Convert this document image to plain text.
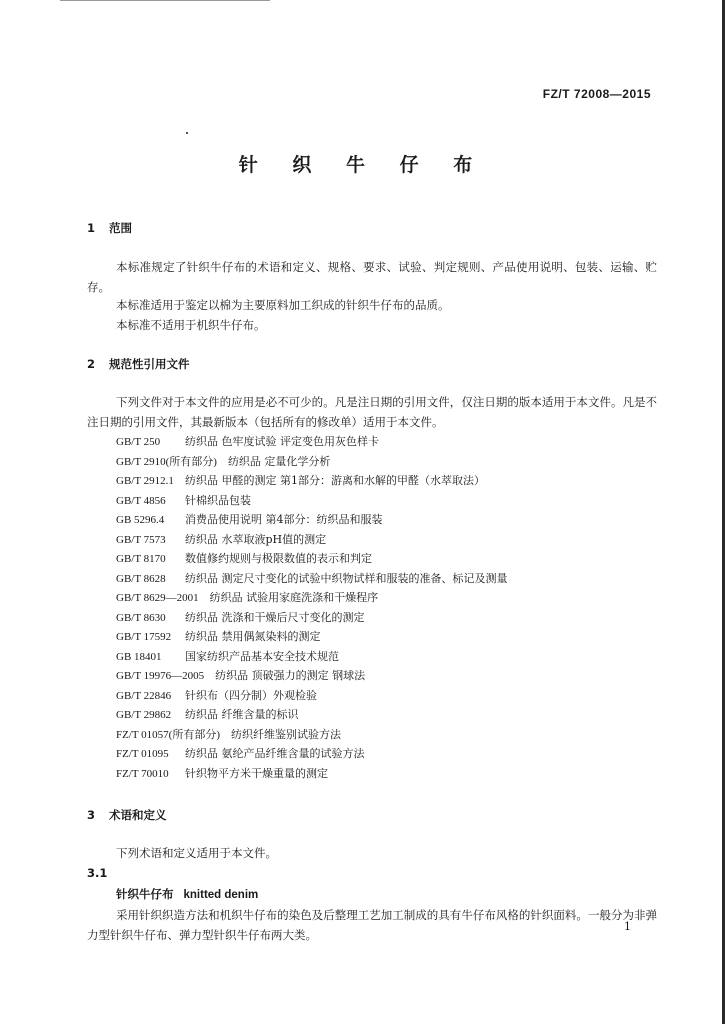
FZ/T 72008—2015
针 织 牛 仔 布
1 范围
本标准规定了针织牛仔布的术语和定义、规格、要求、试验、判定规则、产品使用说明、包装、运输、贮存。
本标准适用于鉴定以棉为主要原料加工织成的针织牛仔布的品质。
本标准不适用于机织牛仔布。
2 规范性引用文件
下列文件对于本文件的应用是必不可少的。凡是注日期的引用文件，仅注日期的版本适用于本文件。凡是不注日期的引用文件，其最新版本（包括所有的修改单）适用于本文件。
GB/T 250　 纺织品 色牢度试验 评定变色用灰色样卡
GB/T 2910(所有部分)　 纺织品 定量化学分析
GB/T 2912.1　 纺织品 甲醛的测定 第1部分：游离和水解的甲醛（水萃取法）
GB/T 4856　 针棉织品包装
GB 5296.4　 消费品使用说明 第4部分：纺织品和服装
GB/T 7573　 纺织品 水萃取液pH值的测定
GB/T 8170　 数值修约规则与极限数值的表示和判定
GB/T 8628　 纺织品 测定尺寸变化的试验中织物试样和服装的准备、标记及测量
GB/T 8629—2001　 纺织品 试验用家庭洗涤和干燥程序
GB/T 8630　 纺织品 洗涤和干燥后尺寸变化的测定
GB/T 17592　 纺织品 禁用偶氮染料的测定
GB 18401　 国家纺织产品基本安全技术规范
GB/T 19976—2005　 纺织品 顶破强力的测定 钢球法
GB/T 22846　 针织布（四分制）外观检验
GB/T 29862　 纺织品 纤维含量的标识
FZ/T 01057(所有部分)　 纺织纤维鉴别试验方法
FZ/T 01095　 纺织品 氨纶产品纤维含量的试验方法
FZ/T 70010　 针织物平方米干燥重量的测定
3 术语和定义
下列术语和定义适用于本文件。
3.1
针织牛仔布 knitted denim
采用针织织造方法和机织牛仔布的染色及后整理工艺加工制成的具有牛仔布风格的针织面料。一般分为非弹力型针织牛仔布、弹力型针织牛仔布两大类。
1
